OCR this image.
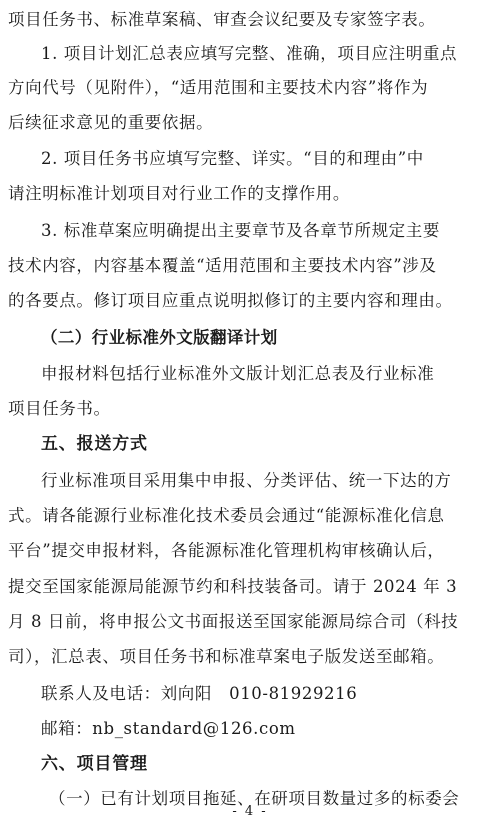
项目任务书、标准草案稿、审查会议纪要及专家签字表。
1. 项目计划汇总表应填写完整、准确，项目应注明重点
方向代号（见附件），“适用范围和主要技术内容”将作为
后续征求意见的重要依据。
2. 项目任务书应填写完整、详实。“目的和理由”中
请注明标准计划项目对行业工作的支撑作用。
3. 标准草案应明确提出主要章节及各章节所规定主要
技术内容，内容基本覆盖“适用范围和主要技术内容”涉及
的各要点。修订项目应重点说明拟修订的主要内容和理由。
（二）行业标准外文版翻译计划
申报材料包括行业标准外文版计划汇总表及行业标准
项目任务书。
五、报送方式
行业标准项目采用集中申报、分类评估、统一下达的方
式。请各能源行业标准化技术委员会通过“能源标准化信息
平台”提交申报材料，各能源标准化管理机构审核确认后，
提交至国家能源局能源节约和科技装备司。请于 2024 年 3
月 8 日前，将申报公文书面报送至国家能源局综合司（科技
司），汇总表、项目任务书和标准草案电子版发送至邮箱。
联系人及电话：刘向阳　010-81929216
邮箱：nb_standard@126.com
六、项目管理
（一）已有计划项目拖延、在研项目数量过多的标委会
- 4 -
